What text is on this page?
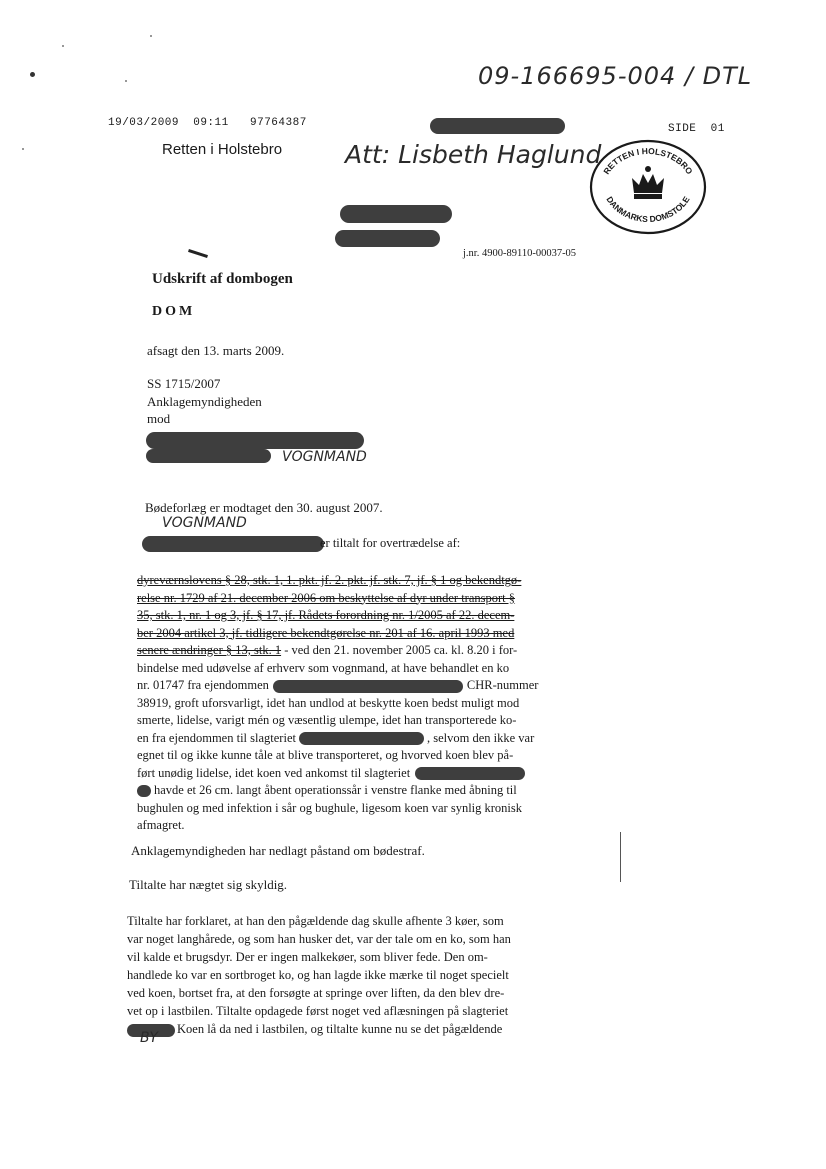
09-166695-004 / DTL
19/03/2009  09:11 97764387	SIDE  01
Retten i Holstebro	Att: Lisbeth Haglund
RETTEN I HOLSTEBRO
DANMARKS DOMSTOLE
j.nr. 4900-89110-00037-05
Udskrift af dombogen
DOM
afsagt den 13. marts 2009.
SS 1715/2007
Anklagemyndigheden
mod
VOGNMAND
Bødeforlæg er modtaget den 30. august 2007.
VOGNMAND
er tiltalt for overtrædelse af:
dyreværnslovens § 28, stk. 1, 1. pkt. jf. 2. pkt. jf. stk. 7, jf. § 1 og bekendtgø-
relse nr. 1729 af 21. december 2006 om beskyttelse af dyr under transport §
35, stk. 1, nr. 1 og 3, jf. § 17, jf. Rådets forordning nr. 1/2005 af 22. decem-
ber 2004 artikel 3, jf. tidligere bekendtgørelse nr. 201 af 16. april 1993 med
senere ændringer § 13, stk. 1 - ved den 21. november 2005 ca. kl. 8.20 i for-
bindelse med udøvelse af erhverv som vognmand, at have behandlet en ko
nr. 01747 fra ejendommen	CHR-nummer
38919, groft uforsvarligt, idet han undlod at beskytte koen bedst muligt mod
smerte, lidelse, varigt mén og væsentlig ulempe, idet han transporterede ko-
en fra ejendommen til slagteriet	, selvom den ikke var
egnet til og ikke kunne tåle at blive transporteret, og hvorved koen blev på-
ført unødig lidelse, idet koen ved ankomst til slagteriet
havde et 26 cm. langt åbent operationssår i venstre flanke med åbning til
bughulen og med infektion i sår og bughule, ligesom koen var synlig kronisk
afmagret.
Anklagemyndigheden har nedlagt påstand om bødestraf.
Tiltalte har nægtet sig skyldig.
Tiltalte har forklaret, at han den pågældende dag skulle afhente 3 køer, som
var noget langhårede, og som han husker det, var der tale om en ko, som han
vil kalde et brugsdyr. Der er ingen malkekøer, som bliver fede. Den om-
handlede ko var en sortbroget ko, og han lagde ikke mærke til noget specielt
ved koen, bortset fra, at den forsøgte at springe over liften, da den blev dre-
vet op i lastbilen. Tiltalte opdagede først noget ved aflæsningen på slagteriet
Koen lå da ned i lastbilen, og tiltalte kunne nu se det pågældende
BY
